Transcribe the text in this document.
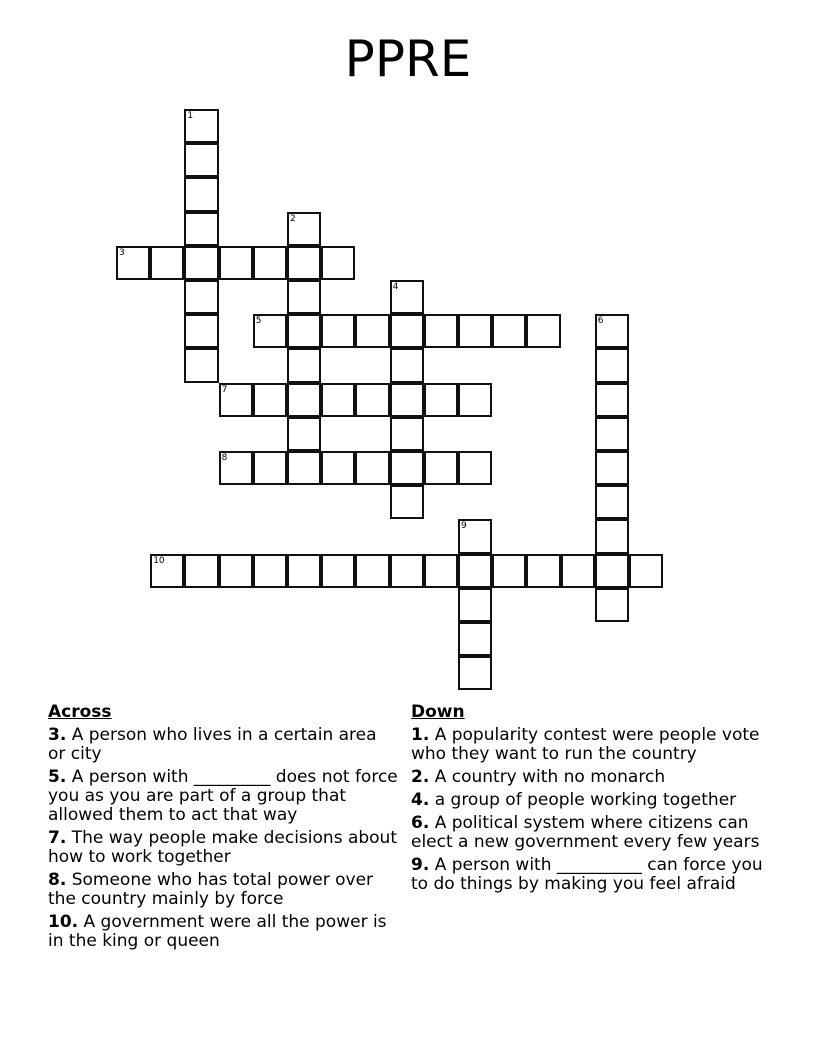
PPRE
1
2
3
4
5	6
7
8
9
10
Across
3. A person who lives in a certain area or city
5. A person with _________ does not force you as you are part of a group that allowed them to act that way
7. The way people make decisions about how to work together
8. Someone who has total power over the country mainly by force
10. A government were all the power is in the king or queen
Down
1. A popularity contest were people vote who they want to run the country
2. A country with no monarch
4. a group of people working together
6. A political system where citizens can elect a new government every few years
9. A person with __________ can force you to do things by making you feel afraid
